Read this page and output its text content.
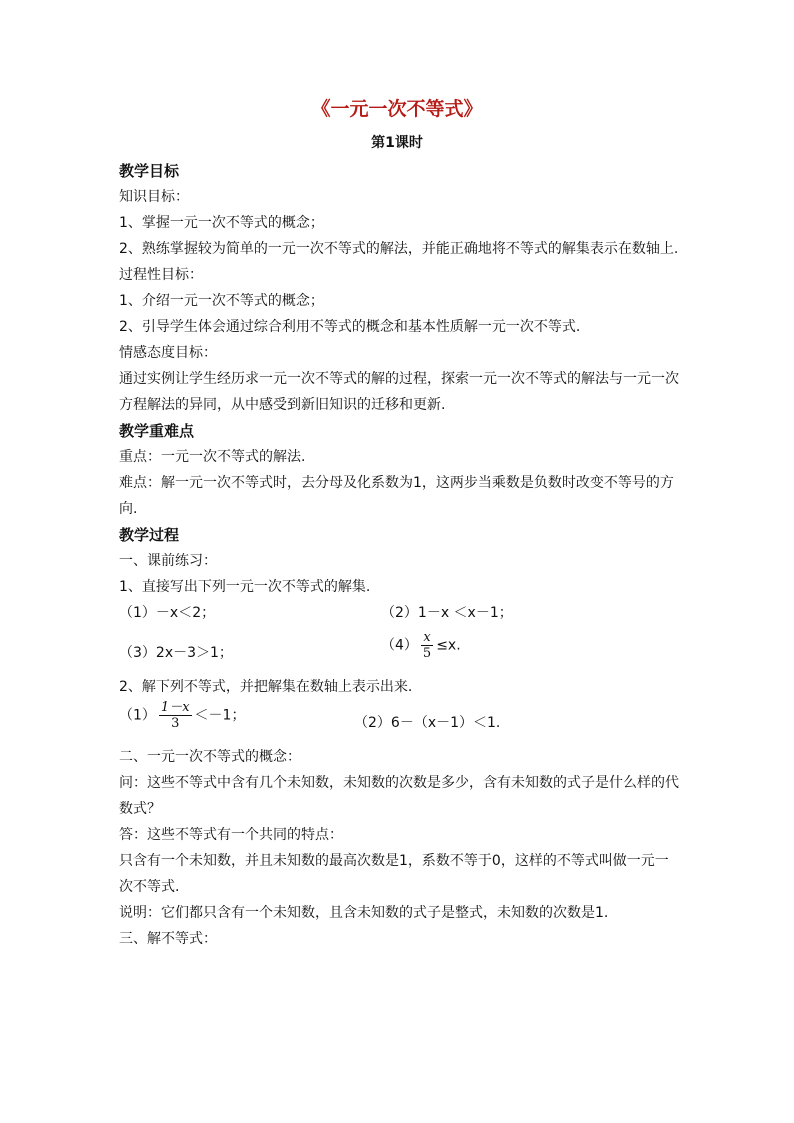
《一元一次不等式》
第1课时
教学目标
知识目标：
1、掌握一元一次不等式的概念；
2、熟练掌握较为简单的一元一次不等式的解法，并能正确地将不等式的解集表示在数轴上.
过程性目标：
1、介绍一元一次不等式的概念；
2、引导学生体会通过综合利用不等式的概念和基本性质解一元一次不等式.
情感态度目标：
通过实例让学生经历求一元一次不等式的解的过程，探索一元一次不等式的解法与一元一次方程解法的异同，从中感受到新旧知识的迁移和更新.
教学重难点
重点：一元一次不等式的解法.
难点：解一元一次不等式时，去分母及化系数为1，这两步当乘数是负数时改变不等号的方向.
教学过程
一、课前练习：
1、直接写出下列一元一次不等式的解集.
（1）－x＜2；	（2）1－x ＜x－1；
（3）2x－3＞1；	$(4) \frac{x}{5} \le x$.
2、解下列不等式，并把解集在数轴上表示出来.
$(1) \frac{1-x}{3} <-1$；	（2）6－（x－1）＜1.
二、一元一次不等式的概念：
问：这些不等式中含有几个未知数，未知数的次数是多少，含有未知数的式子是什么样的代数式？
答：这些不等式有一个共同的特点：
只含有一个未知数，并且未知数的最高次数是1，系数不等于0，这样的不等式叫做一元一次不等式.
说明：它们都只含有一个未知数，且含未知数的式子是整式，未知数的次数是1.
三、解不等式：
